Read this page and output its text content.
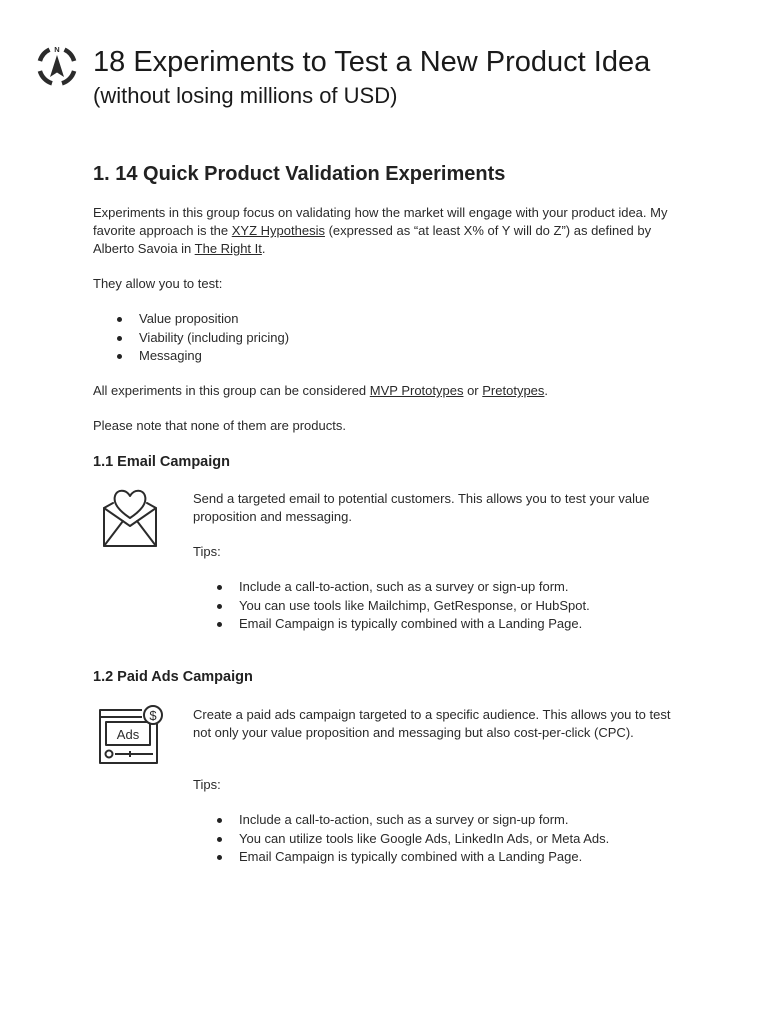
N 18 Experiments to Test a New Product Idea
(without losing millions of USD)
1. 14 Quick Product Validation Experiments
Experiments in this group focus on validating how the market will engage with your product idea. My favorite approach is the XYZ Hypothesis (expressed as “at least X% of Y will do Z”) as defined by Alberto Savoia in The Right It.
They allow you to test:
Value proposition
Viability (including pricing)
Messaging
All experiments in this group can be considered MVP Prototypes or Pretotypes.
Please note that none of them are products.
1.1 Email Campaign
Send a targeted email to potential customers. This allows you to test your value proposition and messaging.
Tips:
Include a call-to-action, such as a survey or sign-up form.
You can use tools like Mailchimp, GetResponse, or HubSpot.
Email Campaign is typically combined with a Landing Page.
1.2 Paid Ads Campaign
$
Ads
Create a paid ads campaign targeted to a specific audience. This allows you to test not only your value proposition and messaging but also cost-per-click (CPC).
Tips:
Include a call-to-action, such as a survey or sign-up form.
You can utilize tools like Google Ads, LinkedIn Ads, or Meta Ads.
Email Campaign is typically combined with a Landing Page.
